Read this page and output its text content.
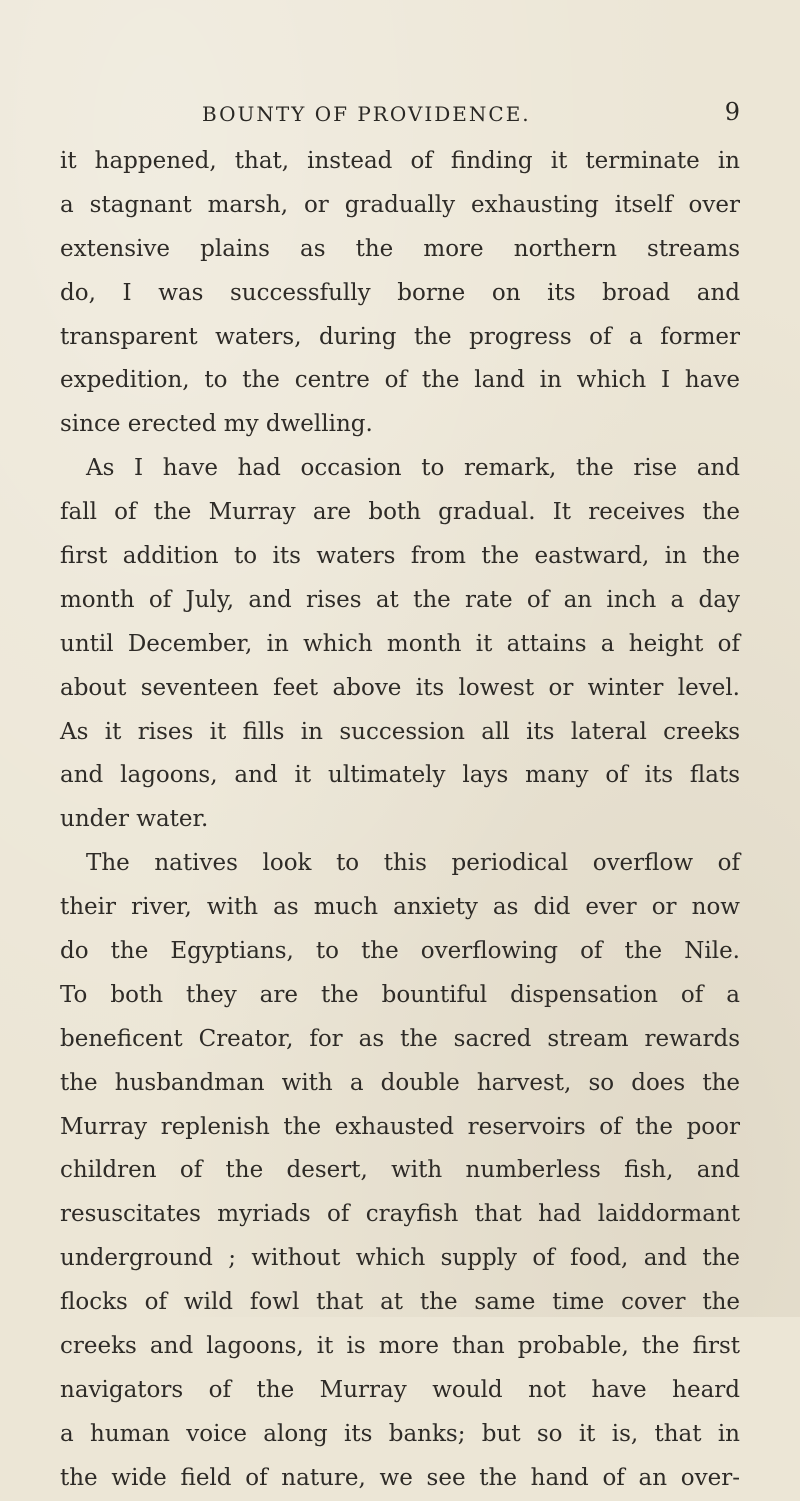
BOUNTY OF PROVIDENCE.	9
it happened, that, instead of finding it terminate in
a stagnant marsh, or gradually exhausting itself over
extensive plains as the more northern streams
do, I was successfully borne on its broad and
transparent waters, during the progress of a former
expedition, to the centre of the land in which I have
since erected my dwelling.
As I have had occasion to remark, the rise and
fall of the Murray are both gradual. It receives the
first addition to its waters from the eastward, in the
month of July, and rises at the rate of an inch a day
until December, in which month it attains a height of
about seventeen feet above its lowest or winter level.
As it rises it fills in succession all its lateral creeks
and lagoons, and it ultimately lays many of its flats
under water.
The natives look to this periodical overflow of
their river, with as much anxiety as did ever or now
do the Egyptians, to the overflowing of the Nile.
To both they are the bountiful dispensation of a
beneficent Creator, for as the sacred stream rewards
the husbandman with a double harvest, so does the
Murray replenish the exhausted reservoirs of the poor
children of the desert, with numberless fish, and
resuscitates myriads of crayfish that had laiddormant
underground ; without which supply of food, and the
flocks of wild fowl that at the same time cover the
creeks and lagoons, it is more than probable, the first
navigators of the Murray would not have heard
a human voice along its banks; but so it is, that in
the wide field of nature, we see the hand of an over-
